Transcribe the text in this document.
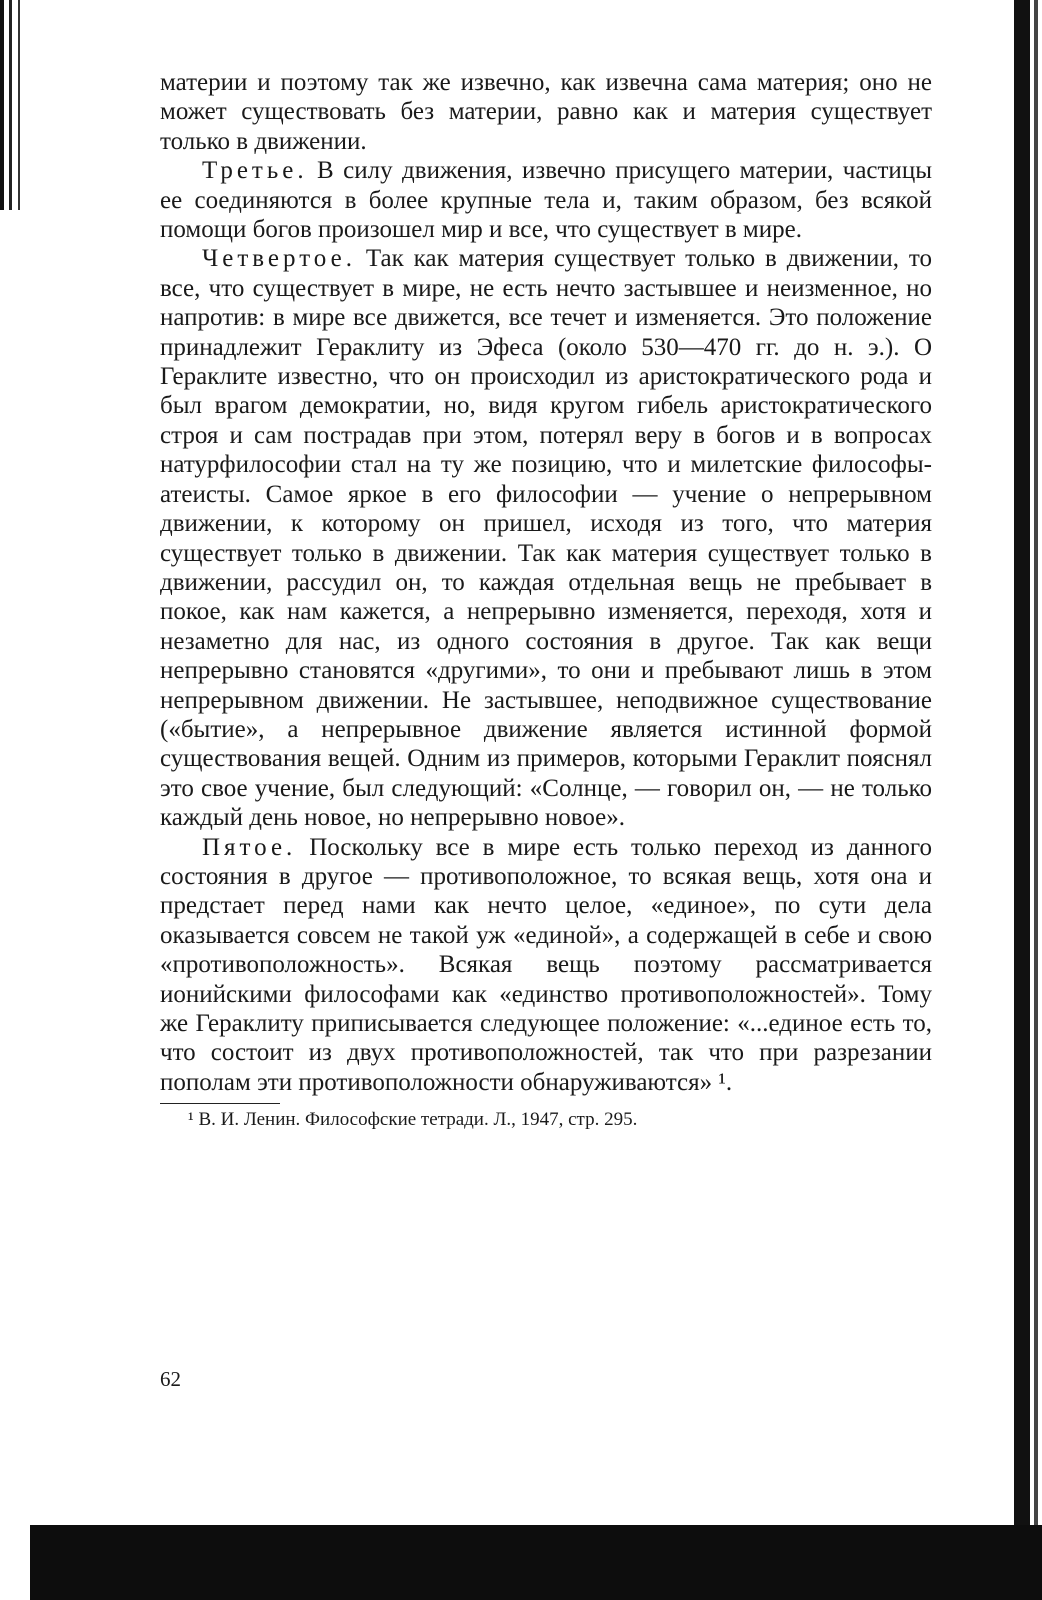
материи и поэтому так же извечно, как извечна сама материя; оно не может существовать без материи, равно как и материя существует только в движении.

Третье. В силу движения, извечно присущего материи, частицы ее соединяются в более крупные тела и, таким образом, без всякой помощи богов произошел мир и все, что существует в мире.

Четвертое. Так как материя существует только в движении, то все, что существует в мире, не есть нечто застывшее и неизменное, но напротив: в мире все движется, все течет и изменяется. Это положение принадлежит Гераклиту из Эфеса (около 530—470 гг. до н. э.). О Гераклите известно, что он происходил из аристократического рода и был врагом демократии, но, видя кругом гибель аристократического строя и сам пострадав при этом, потерял веру в богов и в вопросах натурфилософии стал на ту же позицию, что и милетские философы-атеисты. Самое яркое в его философии — учение о непрерывном движении, к которому он пришел, исходя из того, что материя существует только в движении. Так как материя существует только в движении, рассудил он, то каждая отдельная вещь не пребывает в покое, как нам кажется, а непрерывно изменяется, переходя, хотя и незаметно для нас, из одного состояния в другое. Так как вещи непрерывно становятся «другими», то они и пребывают лишь в этом непрерывном движении. Не застывшее, неподвижное существование («бытие», а непрерывное движение является истинной формой существования вещей. Одним из примеров, которыми Гераклит пояснял это свое учение, был следующий: «Солнце, — говорил он, — не только каждый день новое, но непрерывно новое».

Пятое. Поскольку все в мире есть только переход из данного состояния в другое — противоположное, то всякая вещь, хотя она и предстает перед нами как нечто целое, «единое», по сути дела оказывается совсем не такой уж «единой», а содержащей в себе и свою «противоположность». Всякая вещь поэтому рассматривается ионийскими философами как «единство противоположностей». Тому же Гераклиту приписывается следующее положение: «...единое есть то, что состоит из двух противоположностей, так что при разрезании пополам эти противоположности обнаруживаются» ¹.

¹ В. И. Ленин. Философские тетради. Л., 1947, стр. 295.

62
